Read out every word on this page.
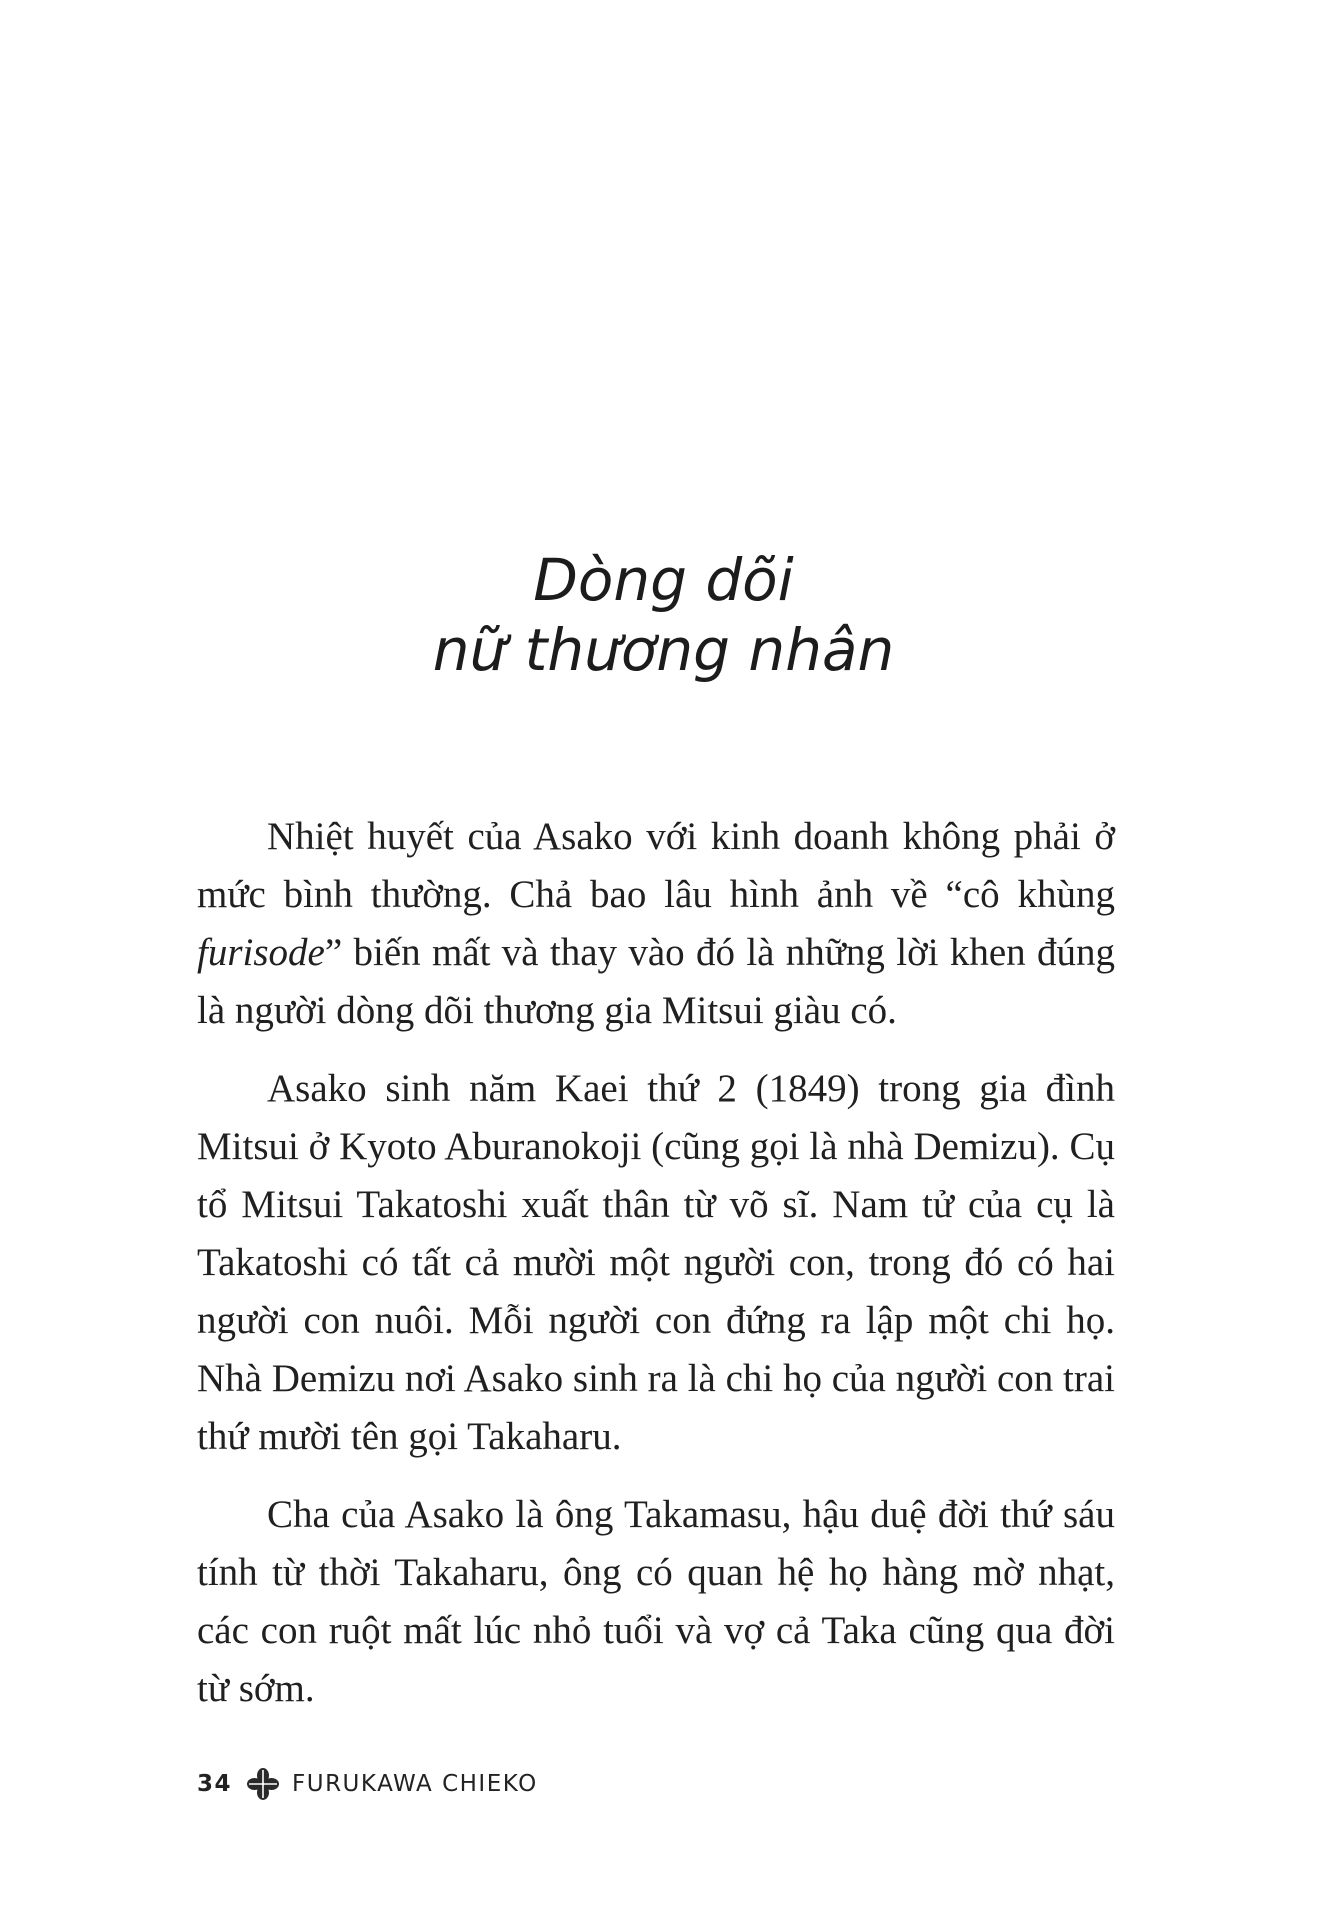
Dòng dõi
nữ thương nhân

Nhiệt huyết của Asako với kinh doanh không phải ở mức bình thường. Chả bao lâu hình ảnh về “cô khùng furisode” biến mất và thay vào đó là những lời khen đúng là người dòng dõi thương gia Mitsui giàu có.

Asako sinh năm Kaei thứ 2 (1849) trong gia đình Mitsui ở Kyoto Aburanokoji (cũng gọi là nhà Demizu). Cụ tổ Mitsui Takatoshi xuất thân từ võ sĩ. Nam tử của cụ là Takatoshi có tất cả mười một người con, trong đó có hai người con nuôi. Mỗi người con đứng ra lập một chi họ. Nhà Demizu nơi Asako sinh ra là chi họ của người con trai thứ mười tên gọi Takaharu.

Cha của Asako là ông Takamasu, hậu duệ đời thứ sáu tính từ thời Takaharu, ông có quan hệ họ hàng mờ nhạt, các con ruột mất lúc nhỏ tuổi và vợ cả Taka cũng qua đời từ sớm.

34	FURUKAWA CHIEKO
